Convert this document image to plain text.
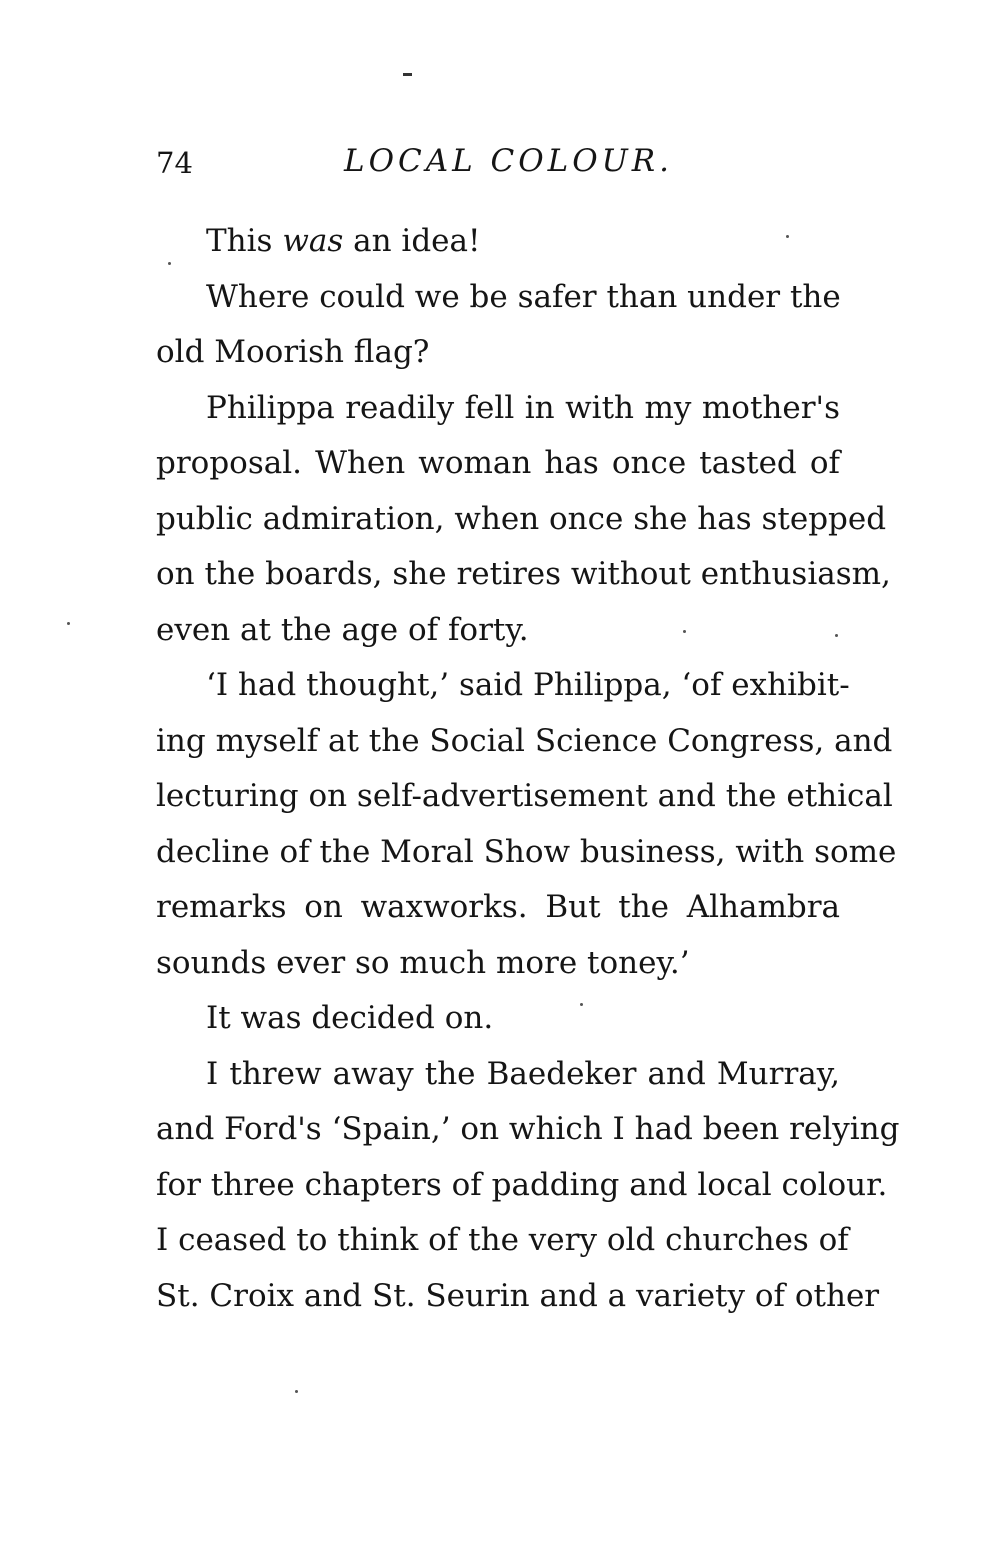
74	LOCAL COLOUR.
This was an idea!
Where could we be safer than under the
old Moorish flag?
Philippa readily fell in with my mother's
proposal. When woman has once tasted of
public admiration, when once she has stepped
on the boards, she retires without enthusiasm,
even at the age of forty.
‘I had thought,’ said Philippa, ‘of exhibit-
ing myself at the Social Science Congress, and
lecturing on self-advertisement and the ethical
decline of the Moral Show business, with some
remarks on waxworks. But the Alhambra
sounds ever so much more toney.’
It was decided on.
I threw away the Baedeker and Murray,
and Ford's ‘Spain,’ on which I had been relying
for three chapters of padding and local colour.
I ceased to think of the very old churches of
St. Croix and St. Seurin and a variety of other
